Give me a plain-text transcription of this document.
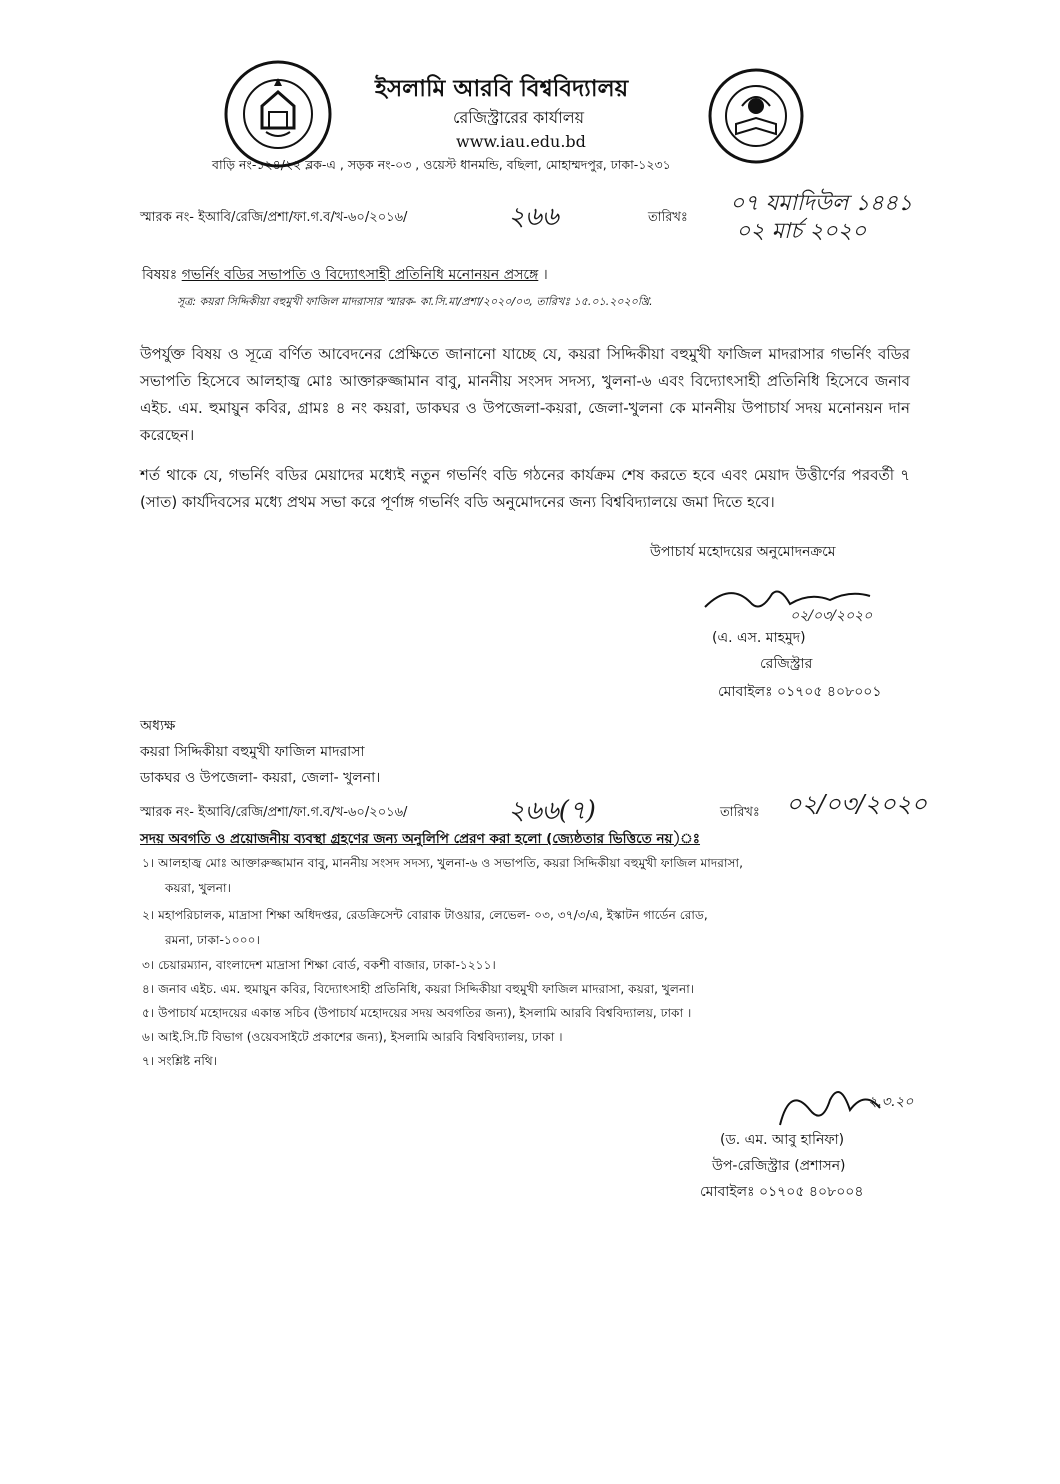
ইসলামি আরবি বিশ্ববিদ্যালয়
রেজিস্ট্রারের কার্যালয়
www.iau.edu.bd
বাড়ি নং-১২৪/২২ ব্লক-এ , সড়ক নং-০৩ , ওয়েস্ট ধানমন্ডি, বছিলা, মোহাম্মদপুর, ঢাকা-১২৩১
স্মারক নং- ইআবি/রেজি/প্রশা/ফা.গ.ব/খ-৬০/২০১৬/	২৬৬	তারিখঃ
০৭ যমাদিউল ১৪৪১
০২ মার্চ ২০২০
বিষয়ঃ গভর্নিং বডির সভাপতি ও বিদ্যোৎসাহী প্রতিনিধি মনোনয়ন প্রসঙ্গে ।
সূত্র: কয়রা সিদ্দিকীয়া বহুমুখী ফাজিল মাদরাসার স্মারক- কা.সি.মা/প্রশা/২০২০/০৩, তারিখঃ ১৫.০১.২০২০খ্রি.
উপর্যুক্ত বিষয় ও সূত্রে বর্ণিত আবেদনের প্রেক্ষিতে জানানো যাচ্ছে যে, কয়রা সিদ্দিকীয়া বহুমুখী ফাজিল মাদরাসার গভর্নিং বডির সভাপতি হিসেবে আলহাজ্ব মোঃ আক্তারুজ্জামান বাবু, মাননীয় সংসদ সদস্য, খুলনা-৬ এবং বিদ্যোৎসাহী প্রতিনিধি হিসেবে জনাব এইচ. এম. হুমায়ুন কবির, গ্রামঃ ৪ নং কয়রা, ডাকঘর ও উপজেলা-কয়রা, জেলা-খুলনা কে মাননীয় উপাচার্য সদয় মনোনয়ন দান করেছেন।
শর্ত থাকে যে, গভর্নিং বডির মেয়াদের মধ্যেই নতুন গভর্নিং বডি গঠনের কার্যক্রম শেষ করতে হবে এবং মেয়াদ উত্তীর্ণের পরবর্তী ৭ (সাত) কার্যদিবসের মধ্যে প্রথম সভা করে পূর্ণাঙ্গ গভর্নিং বডি অনুমোদনের জন্য বিশ্ববিদ্যালয়ে জমা দিতে হবে।
উপাচার্য মহোদয়ের অনুমোদনক্রমে
০২/০৩/২০২০
(এ. এস. মাহমুদ)
রেজিস্ট্রার
মোবাইলঃ ০১৭০৫ ৪০৮০০১
অধ্যক্ষ
কয়রা সিদ্দিকীয়া বহুমুখী ফাজিল মাদরাসা
ডাকঘর ও উপজেলা- কয়রা, জেলা- খুলনা।
স্মারক নং- ইআবি/রেজি/প্রশা/ফা.গ.ব/খ-৬০/২০১৬/	২৬৬(৭)	তারিখঃ ০২/০৩/২০২০
সদয় অবগতি ও প্রয়োজনীয় ব্যবস্থা গ্রহণের জন্য অনুলিপি প্রেরণ করা হলো (জ্যেষ্ঠতার ভিত্তিতে নয়)ঃ
১। আলহাজ্ব মোঃ আক্তারুজ্জামান বাবু, মাননীয় সংসদ সদস্য, খুলনা-৬ ও সভাপতি, কয়রা সিদ্দিকীয়া বহুমুখী ফাজিল মাদরাসা,
কয়রা, খুলনা।
২। মহাপরিচালক, মাদ্রাসা শিক্ষা অধিদপ্তর, রেডক্রিসেন্ট বোরাক টাওয়ার, লেভেল- ০৩, ৩৭/৩/এ, ইস্কাটন গার্ডেন রোড,
রমনা, ঢাকা-১০০০।
৩। চেয়ারম্যান, বাংলাদেশ মাদ্রাসা শিক্ষা বোর্ড, বকশী বাজার, ঢাকা-১২১১।
৪। জনাব এইচ. এম. হুমায়ুন কবির, বিদ্যোৎসাহী প্রতিনিধি, কয়রা সিদ্দিকীয়া বহুমুখী ফাজিল মাদরাসা, কয়রা, খুলনা।
৫। উপাচার্য মহোদয়ের একান্ত সচিব (উপাচার্য মহোদয়ের সদয় অবগতির জন্য), ইসলামি আরবি বিশ্ববিদ্যালয়, ঢাকা ।
৬। আই.সি.টি বিভাগ (ওয়েবসাইটে প্রকাশের জন্য), ইসলামি আরবি বিশ্ববিদ্যালয়, ঢাকা ।
৭। সংশ্লিষ্ট নথি।
২.৩.২০
(ড. এম. আবু হানিফা)
উপ-রেজিস্ট্রার (প্রশাসন)
মোবাইলঃ ০১৭০৫ ৪০৮০০৪
